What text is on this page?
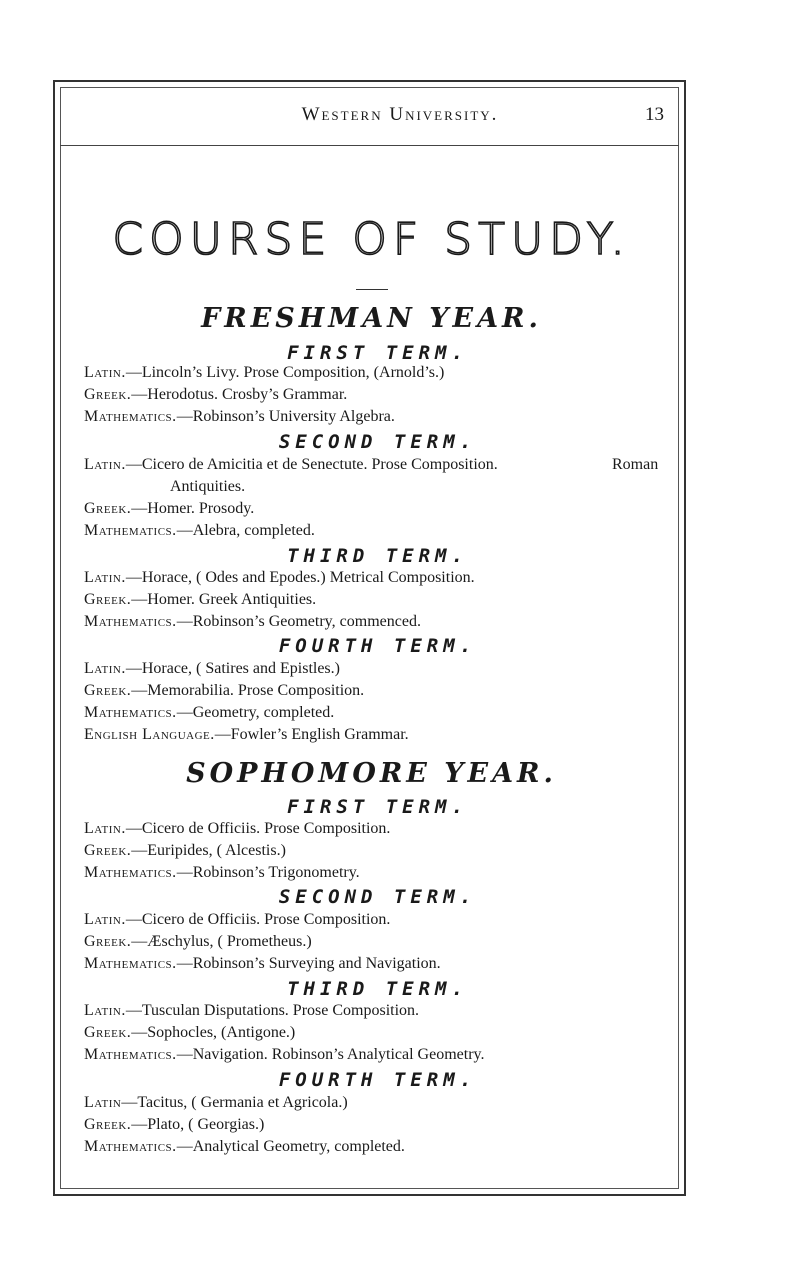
Western University.	13
COURSE OF STUDY.
FRESHMAN YEAR.
FIRST TERM.
Latin.—Lincoln’s Livy. Prose Composition, (Arnold’s.)
Greek.—Herodotus. Crosby’s Grammar.
Mathematics.—Robinson’s University Algebra.
SECOND TERM.
Latin.—Cicero de Amicitia et de Senectute. Prose Composition.	Roman
Antiquities.
Greek.—Homer. Prosody.
Mathematics.—Alebra, completed.
THIRD TERM.
Latin.—Horace, ( Odes and Epodes.) Metrical Composition.
Greek.—Homer. Greek Antiquities.
Mathematics.—Robinson’s Geometry, commenced.
FOURTH TERM.
Latin.—Horace, ( Satires and Epistles.)
Greek.—Memorabilia. Prose Composition.
Mathematics.—Geometry, completed.
English Language.—Fowler’s English Grammar.
SOPHOMORE YEAR.
FIRST TERM.
Latin.—Cicero de Officiis. Prose Composition.
Greek.—Euripides, ( Alcestis.)
Mathematics.—Robinson’s Trigonometry.
SECOND TERM.
Latin.—Cicero de Officiis. Prose Composition.
Greek.—Æschylus, ( Prometheus.)
Mathematics.—Robinson’s Surveying and Navigation.
THIRD TERM.
Latin.—Tusculan Disputations. Prose Composition.
Greek.—Sophocles, (Antigone.)
Mathematics.—Navigation. Robinson’s Analytical Geometry.
FOURTH TERM.
Latin—Tacitus, ( Germania et Agricola.)
Greek.—Plato, ( Georgias.)
Mathematics.—Analytical Geometry, completed.
